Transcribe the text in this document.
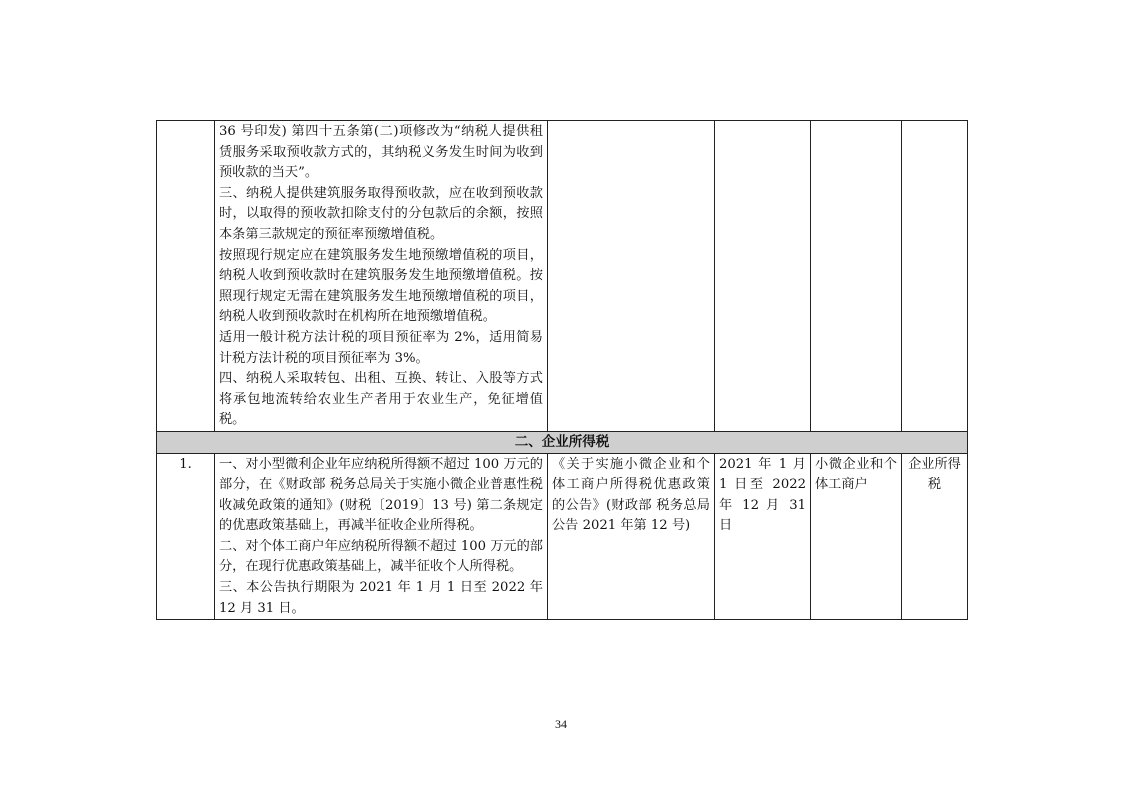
	36 号印发) 第四十五条第(二)项修改为“纳税人提供租赁服务采取预收款方式的，其纳税义务发生时间为收到预收款的当天”。

三、纳税人提供建筑服务取得预收款，应在收到预收款时，以取得的预收款扣除支付的分包款后的余额，按照本条第三款规定的预征率预缴增值税。

按照现行规定应在建筑服务发生地预缴增值税的项目，纳税人收到预收款时在建筑服务发生地预缴增值税。按照现行规定无需在建筑服务发生地预缴增值税的项目，纳税人收到预收款时在机构所在地预缴增值税。

适用一般计税方法计税的项目预征率为 2%，适用简易计税方法计税的项目预征率为 3%。

四、纳税人采取转包、出租、互换、转让、入股等方式将承包地流转给农业生产者用于农业生产，免征增值税。				

二、企业所得税					
1.	一、对小型微利企业年应纳税所得额不超过 100 万元的部分，在《财政部 税务总局关于实施小微企业普惠性税收减免政策的通知》(财税〔2019〕13 号) 第二条规定的优惠政策基础上，再减半征收企业所得税。

二、对个体工商户年应纳税所得额不超过 100 万元的部分，在现行优惠政策基础上，减半征收个人所得税。

三、本公告执行期限为 2021 年 1 月 1 日至 2022 年 12 月 31 日。	《关于实施小微企业和个体工商户所得税优惠政策的公告》(财政部 税务总局公告 2021 年第 12 号)	2021 年 1 月 1 日至 2022 年 12 月 31 日	小微企业和个体工商户	企业所得税
34
